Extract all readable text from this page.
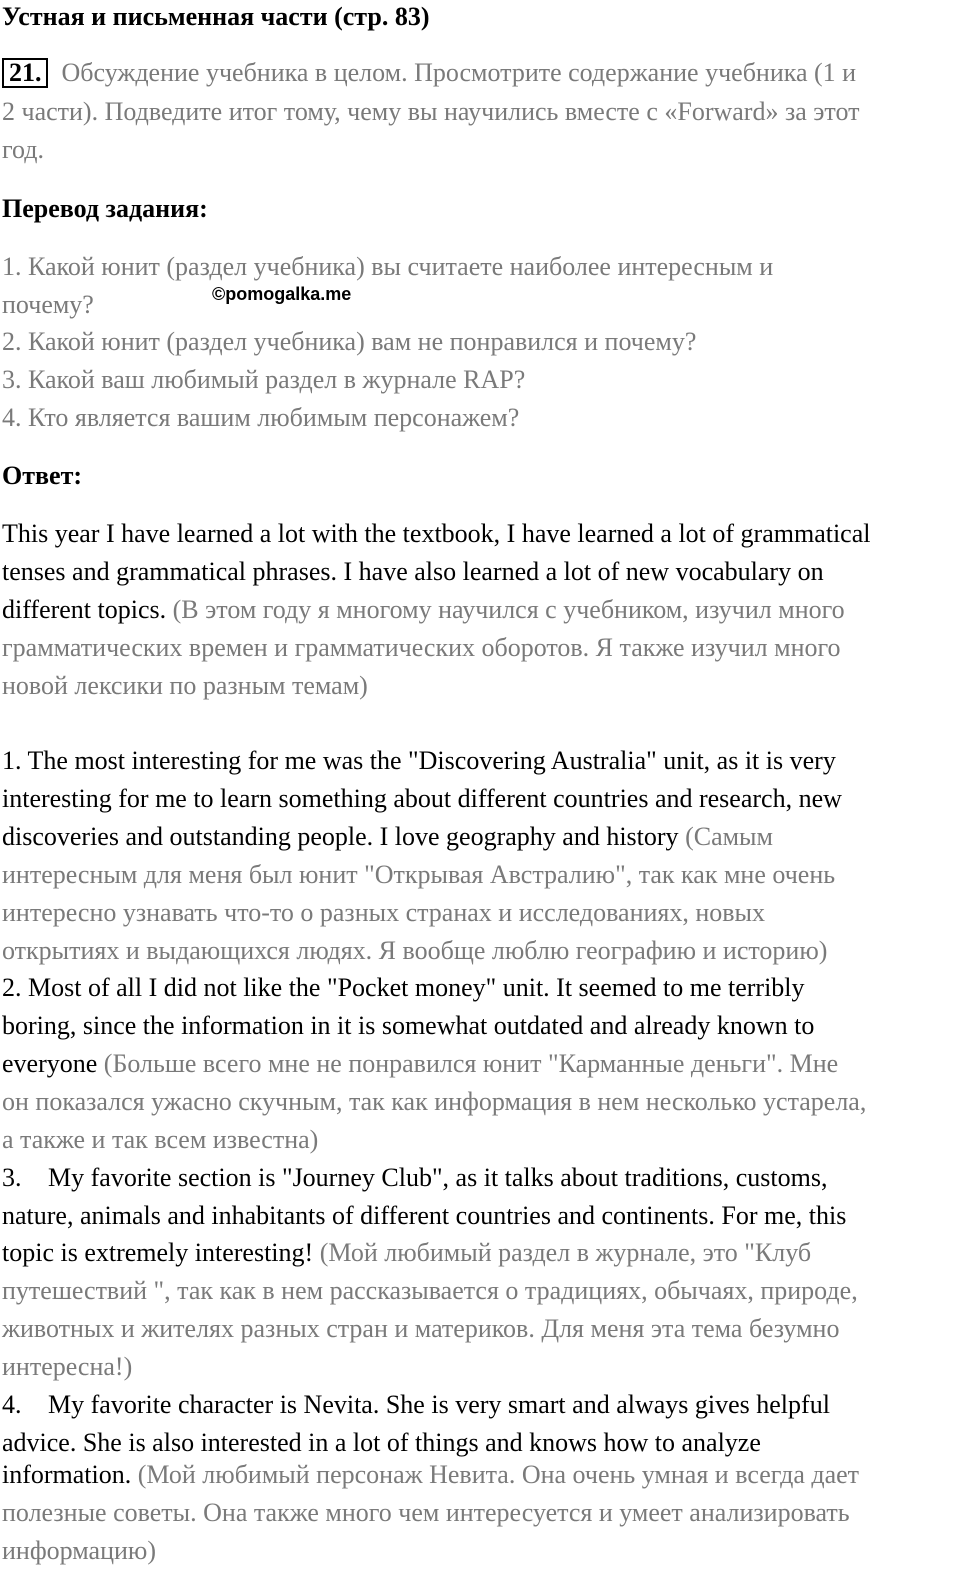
Устная и письменная части (стр. 83)
21. Обсуждение учебника в целом. Просмотрите содержание учебника (1 и
2 части). Подведите итог тому, чему вы научились вместе с «Forward» за этот
год.
Перевод задания:
1. Какой юнит (раздел учебника) вы считаете наиболее интересным и
почему?	©pomogalka.me
2. Какой юнит (раздел учебника) вам не понравился и почему?
3. Какой ваш любимый раздел в журнале RAP?
4. Кто является вашим любимым персонажем?
Ответ:
This year I have learned a lot with the textbook, I have learned a lot of grammatical
tenses and grammatical phrases. I have also learned a lot of new vocabulary on
different topics. (В этом году я многому научился с учебником, изучил много
грамматических времен и грамматических оборотов. Я также изучил много
новой лексики по разным темам)
1. The most interesting for me was the "Discovering Australia" unit, as it is very
interesting for me to learn something about different countries and research, new
discoveries and outstanding people. I love geography and history (Самым
интересным для меня был юнит "Открывая Австралию", так как мне очень
интересно узнавать что-то о разных странах и исследованиях, новых
открытиях и выдающихся людях. Я вообще люблю географию и историю)
2. Most of all I did not like the "Pocket money" unit. It seemed to me terribly
boring, since the information in it is somewhat outdated and already known to
everyone (Больше всего мне не понравился юнит "Карманные деньги". Мне
он показался ужасно скучным, так как информация в нем несколько устарела,
а также и так всем известна)
3. My favorite section is "Journey Club", as it talks about traditions, customs,
nature, animals and inhabitants of different countries and continents. For me, this
topic is extremely interesting! (Мой любимый раздел в журнале, это "Клуб
путешествий ", так как в нем рассказывается о традициях, обычаях, природе,
животных и жителях разных стран и материков. Для меня эта тема безумно
интересна!)
4. My favorite character is Nevita. She is very smart and always gives helpful
advice. She is also interested in a lot of things and knows how to analyze
information. (Мой любимый персонаж Невита. Она очень умная и всегда дает
полезные советы. Она также много чем интересуется и умеет анализировать
информацию)
